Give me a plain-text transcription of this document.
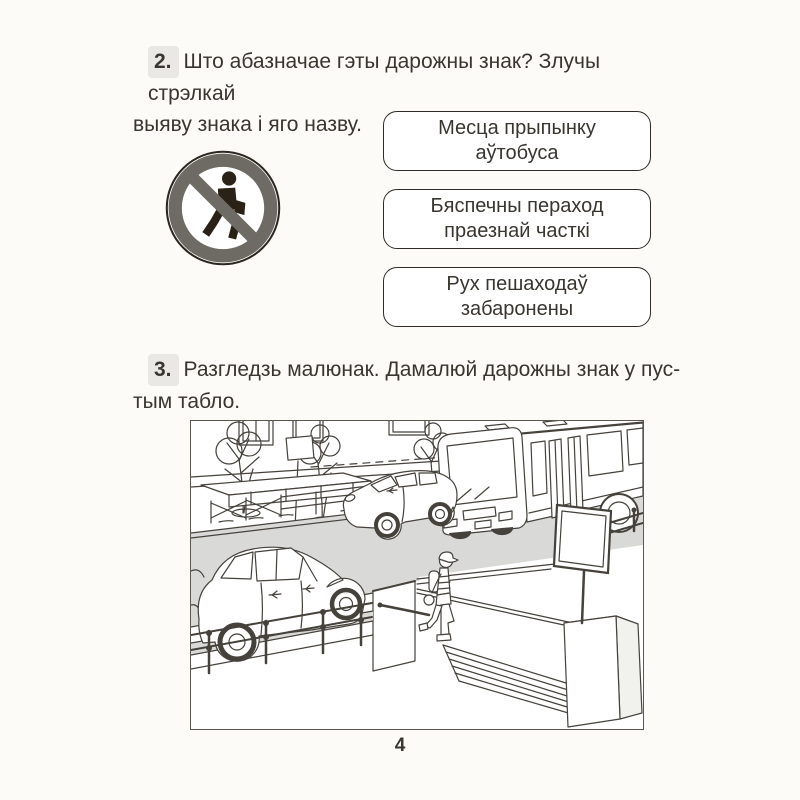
2. Што абазначае гэты дарожны знак? Злучы стрэлкай
выяву знака і яго назву.	Месца прыпынку
аўтобуса
Бяспечны пераход
праезнай часткі
Рух пешаходаў
забаронены
3. Разгледзь малюнак. Дамалюй дарожны знак у пус-
тым табло.
4
